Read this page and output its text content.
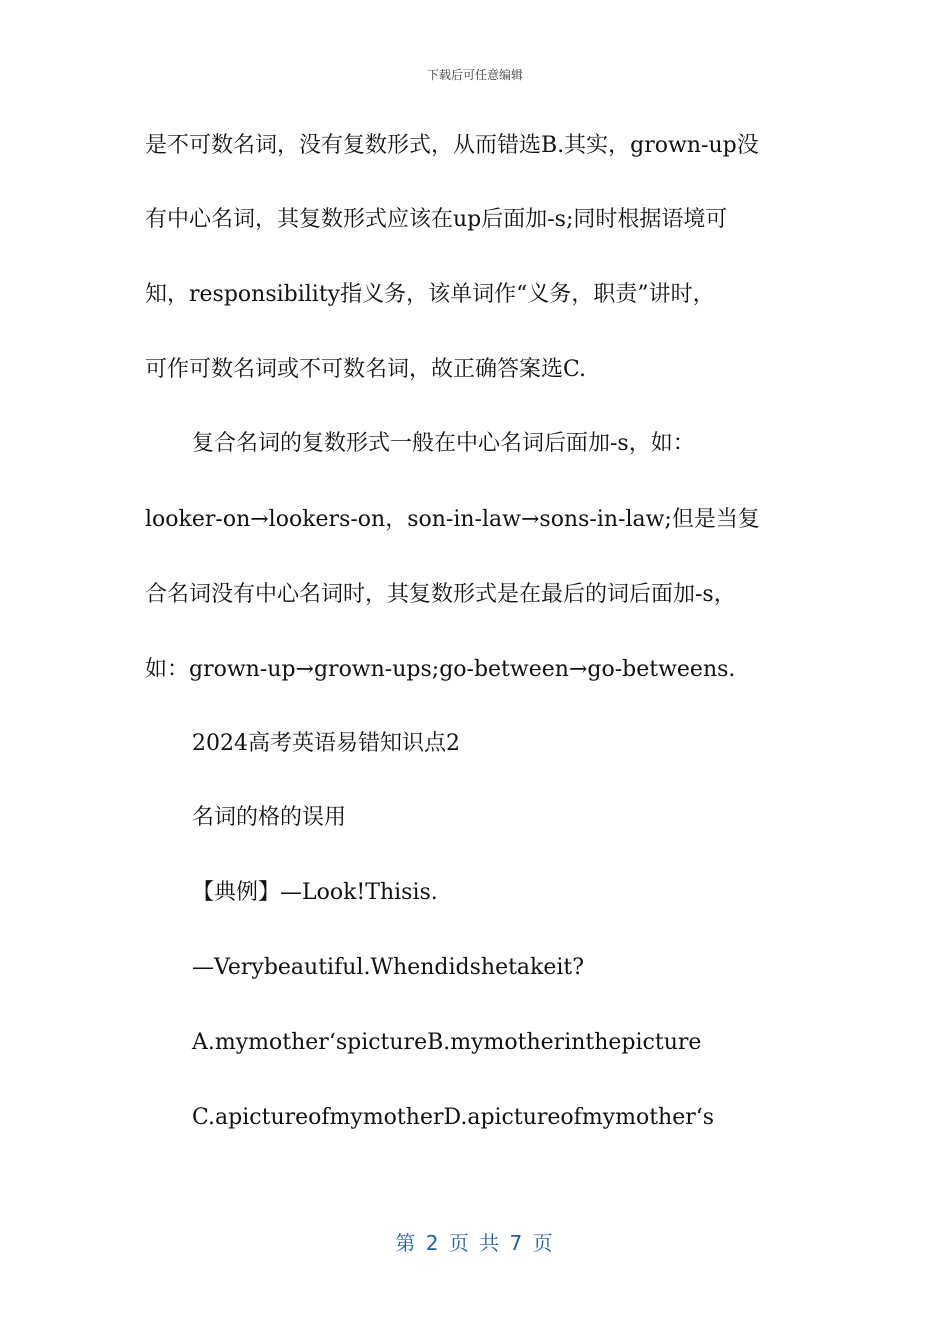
下载后可任意编辑
是不可数名词，没有复数形式，从而错选B.其实，grown-up没
有中心名词，其复数形式应该在up后面加-s;同时根据语境可
知，responsibility指义务，该单词作“义务，职责”讲时，
可作可数名词或不可数名词，故正确答案选C.
复合名词的复数形式一般在中心名词后面加-s，如：
looker-on→lookers-on，son-in-law→sons-in-law;但是当复
合名词没有中心名词时，其复数形式是在最后的词后面加-s，
如：grown-up→grown-ups;go-between→go-betweens.
2024高考英语易错知识点2
名词的格的误用
【典例】—Look!Thisis.
—Verybeautiful.Whendidshetakeit?
A.mymother‘spictureB.mymotherinthepicture
C.apictureofmymotherD.apictureofmymother‘s
第 2 页 共 7 页
